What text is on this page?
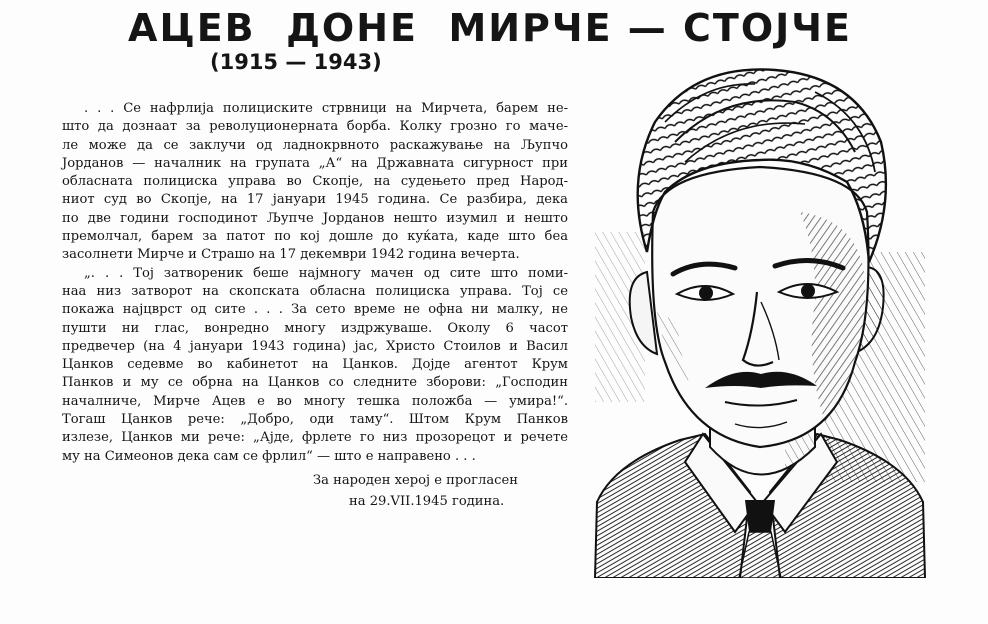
АЦЕВ  ДОНЕ  МИРЧЕ — СТОЈЧЕ
(1915 — 1943)
. . . Се нафрлија полициските стрвници на Мирчета, барем не-
што да дознаат за револуционерната борба. Колку грозно го маче-
ле може да се заклучи од ладнокрвното раскажување на Љупчо
Јорданов — началник на групата „А“ на Државната сигурност при
обласната полициска управа во Скопје, на судењето пред Народ-
ниот суд во Скопје, на 17 јануари 1945 година. Се разбира, дека
по две години господинот Љупче Јорданов нешто изумил и нешто
премолчал, барем за патот по кој дошле до куќата, каде што беа
засолнети Мирче и Страшо на 17 декември 1942 година вечерта.
„. . . Тој затвореник беше најмногу мачен од сите што поми-
наа низ затворот на скопската обласна полициска управа. Тој се
покажа најцврст од сите . . . За сето време не офна ни малку, не
пушти ни глас, вонредно многу издржуваше. Околу 6 часот
предвечер (на 4 јануари 1943 година) јас, Христо Стоилов и Васил
Цанков седевме во кабинетот на Цанков. Дојде агентот Крум
Панков и му се обрна на Цанков со следните зборови: „Господин
началниче, Мирче Ацев е во многу тешка положба — умира!“.
Тогаш Цанков рече: „Добро, оди таму“. Штом Крум Панков
излезе, Цанков ми рече: „Ајде, фрлете го низ прозорецот и речете
му на Симеонов дека сам се фрлил“ — што е направено . . .
За народен херој е прогласен
на 29.VII.1945 година.
